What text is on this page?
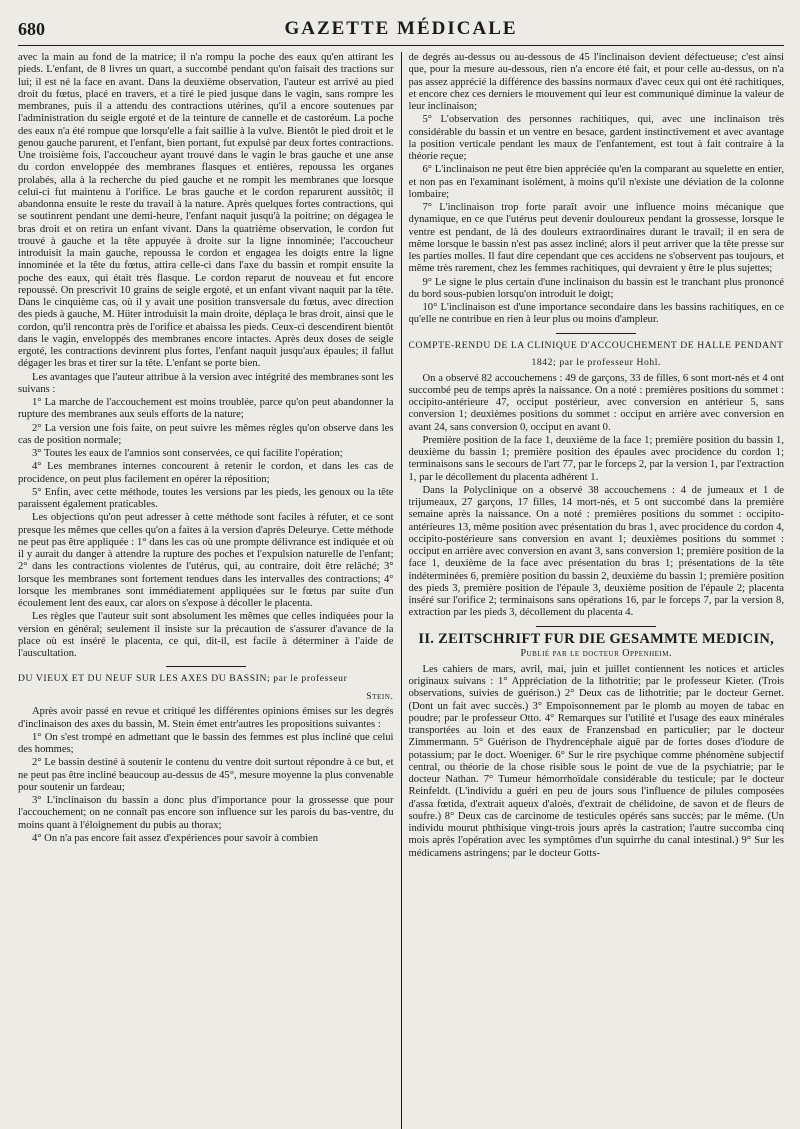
680	GAZETTE MÉDICALE

avec la main au fond de la matrice; il n'a rompu la poche des eaux qu'en attirant les pieds. L'enfant, de 8 livres un quart, a succombé pendant qu'on faisait des tractions sur lui; il est né la face en avant. Dans la deuxième observation, l'auteur est arrivé au pied droit du fœtus, placé en travers, et a tiré le pied jusque dans le vagin, sans rompre les membranes, puis il a attendu des contractions utérines, qu'il a encore soutenues par l'administration du seigle ergoté et de la teinture de cannelle et de castoréum. La poche des eaux n'a été rompue que lorsqu'elle a fait saillie à la vulve. Bientôt le pied droit et le genou gauche parurent, et l'enfant, bien portant, fut expulsé par deux fortes contractions. Une troisième fois, l'accoucheur ayant trouvé dans le vagin le bras gauche et une anse du cordon enveloppée des membranes flasques et entières, repoussa les organes prolabés, alla à la recherche du pied gauche et ne rompit les membranes que lorsque celui-ci fut maintenu à l'orifice. Le bras gauche et le cordon reparurent aussitôt; il abandonna ensuite le reste du travail à la nature. Après quelques fortes contractions, qui se soutinrent pendant une demi-heure, l'enfant naquit jusqu'à la poitrine; on dégagea le bras droit et on retira un enfant vivant. Dans la quatrième observation, le cordon fut trouvé à gauche et la tête appuyée à droite sur la ligne innominée; l'accoucheur introduisit la main gauche, repoussa le cordon et engagea les doigts entre la ligne innominée et la tête du fœtus, attira celle-ci dans l'axe du bassin et rompit ensuite la poche des eaux, qui était très flasque. Le cordon reparut de nouveau et fut encore repoussé. On prescrivit 10 grains de seigle ergoté, et un enfant vivant naquit par la tête. Dans le cinquième cas, où il y avait une position transversale du fœtus, avec direction des pieds à gauche, M. Hüter introduisit la main droite, déplaça le bras droit, ainsi que le cordon, qu'il rencontra près de l'orifice et abaissa les pieds. Ceux-ci descendirent bientôt dans le vagin, enveloppés des membranes encore intactes. Après deux doses de seigle ergoté, les contractions devinrent plus fortes, l'enfant naquit jusqu'aux épaules; il fallut dégager les bras et tirer sur la tête. L'enfant se porte bien.

Les avantages que l'auteur attribue à la version avec intégrité des membranes sont les suivans :

1° La marche de l'accouchement est moins troublée, parce qu'on peut abandonner la rupture des membranes aux seuls efforts de la nature;

2° La version une fois faite, on peut suivre les mêmes règles qu'on observe dans les cas de position normale;

3° Toutes les eaux de l'amnios sont conservées, ce qui facilite l'opération;

4° Les membranes internes concourent à retenir le cordon, et dans les cas de procidence, on peut plus facilement en opérer la réposition;

5° Enfin, avec cette méthode, toutes les versions par les pieds, les genoux ou la tête paraissent également praticables.

Les objections qu'on peut adresser à cette méthode sont faciles à réfuter, et ce sont presque les mêmes que celles qu'on a faites à la version d'après Deleurye. Cette méthode ne peut pas être appliquée : 1° dans les cas où une prompte délivrance est indiquée et où il y aurait du danger à attendre la rupture des poches et l'expulsion naturelle de l'enfant; 2° dans les contractions violentes de l'utérus, qui, au contraire, doit être relâché; 3° lorsque les membranes sont fortement tendues dans les intervalles des contractions; 4° lorsque les membranes sont immédiatement appliquées sur le fœtus par suite d'un écoulement lent des eaux, car alors on s'expose à décoller le placenta.

Les règles que l'auteur suit sont absolument les mêmes que celles indiquées pour la version en général; seulement il insiste sur la précaution de s'assurer d'avance de la place où est inséré le placenta, ce qui, dit-il, est facile à déterminer à l'aide de l'auscultation.

DU VIEUX ET DU NEUF SUR LES AXES DU BASSIN; par le professeur
Stein.

Après avoir passé en revue et critiqué les différentes opinions émises sur les degrés d'inclinaison des axes du bassin, M. Stein émet entr'autres les propositions suivantes :

1° On s'est trompé en admettant que le bassin des femmes est plus incliné que celui des hommes;

2° Le bassin destiné à soutenir le contenu du ventre doit surtout répondre à ce but, et ne peut pas être incliné beaucoup au-dessus de 45°, mesure moyenne la plus convenable pour soutenir un fardeau;

3° L'inclinaison du bassin a donc plus d'importance pour la grossesse que pour l'accouchement; on ne connaît pas encore son influence sur les parois du bas-ventre, du moins quant à l'éloignement du pubis au thorax;

4° On n'a pas encore fait assez d'expériences pour savoir à combien

de degrés au-dessus ou au-dessous de 45 l'inclinaison devient défectueuse; c'est ainsi que, pour la mesure au-dessous, rien n'a encore été fait, et pour celle au-dessus, on n'a pas assez apprécié la différence des bassins normaux d'avec ceux qui ont été rachitiques, et encore chez ces derniers le mouvement qui leur est communiqué diminue la valeur de leur inclinaison;

5° L'observation des personnes rachitiques, qui, avec une inclinaison très considérable du bassin et un ventre en besace, gardent instinctivement et avec avantage la position verticale pendant les maux de l'enfantement, est tout à fait contraire à la théorie reçue;

6° L'inclinaison ne peut être bien appréciée qu'en la comparant au squelette en entier, et non pas en l'examinant isolément, à moins qu'il n'existe une déviation de la colonne lombaire;

7° L'inclinaison trop forte paraît avoir une influence moins mécanique que dynamique, en ce que l'utérus peut devenir douloureux pendant la grossesse, lorsque le ventre est pendant, de là des douleurs extraordinaires durant le travail; il en sera de même lorsque le bassin n'est pas assez incliné; alors il peut arriver que la tête presse sur les parties molles. Il faut dire cependant que ces accidens ne s'observent pas toujours, et même très rarement, chez les femmes rachitiques, qui devraient y être le plus sujettes;

9° Le signe le plus certain d'une inclinaison du bassin est le tranchant plus prononcé du bord sous-pubien lorsqu'on introduit le doigt;

10° L'inclinaison est d'une importance secondaire dans les bassins rachitiques, en ce qu'elle ne contribue en rien à leur plus ou moins d'ampleur.

COMPTE-RENDU DE LA CLINIQUE D'ACCOUCHEMENT DE HALLE PENDANT
1842; par le professeur Hohl.

On a observé 82 accouchemens : 49 de garçons, 33 de filles, 6 sont mort-nés et 4 ont succombé peu de temps après la naissance. On a noté : premières positions du sommet : occipito-antérieure 47, occiput postérieur, avec conversion en antérieur 5, sans conversion 1; deuxièmes positions du sommet : occiput en arrière avec conversion en avant 24, sans conversion 0, occiput en avant 0.

Première position de la face 1, deuxième de la face 1; première position du bassin 1, deuxième du bassin 1; première position des épaules avec procidence du cordon 1; terminaisons sans le secours de l'art 77, par le forceps 2, par la version 1, par l'extraction 1, par le décollement du placenta adhérent 1.

Dans la Polyclinique on a observé 38 accouchemens : 4 de jumeaux et 1 de trijumeaux, 27 garçons, 17 filles, 14 mort-nés, et 5 ont succombé dans la première semaine après la naissance. On a noté : premières positions du sommet : occipito-antérieures 13, même position avec présentation du bras 1, avec procidence du cordon 4, occipito-postérieure sans conversion en avant 1; deuxièmes positions du sommet : occiput en arrière avec conversion en avant 3, sans conversion 1; première position de la face 1, deuxième de la face avec présentation du bras 1; présentations de la tête indéterminées 6, première position du bassin 2, deuxième du bassin 1; première position des pieds 3, première position de l'épaule 3, deuxième position de l'épaule 2; placenta inséré sur l'orifice 2; terminaisons sans opérations 16, par le forceps 7, par la version 8, extraction par les pieds 3, décollement du placenta 4.

II. ZEITSCHRIFT FUR DIE GESAMMTE MEDICIN,
Publié par le docteur Oppenheim.

Les cahiers de mars, avril, mai, juin et juillet contiennent les notices et articles originaux suivans : 1° Appréciation de la lithotritie; par le professeur Kieter. (Trois observations, suivies de guérison.) 2° Deux cas de lithotritie; par le docteur Gernet. (Dont un fait avec succès.) 3° Empoisonnement par le plomb au moyen de tabac en poudre; par le professeur Otto. 4° Remarques sur l'utilité et l'usage des eaux minérales transportées au loin et des eaux de Franzensbad en particulier; par le docteur Zimmermann. 5° Guérison de l'hydrencéphale aiguë par de fortes doses d'iodure de potassium; par le doct. Woeniger. 6° Sur le rire psychique comme phénomène subjectif central, ou théorie de la chose risible sous le point de vue de la psychiatrie; par le docteur Nathan. 7° Tumeur hémorrhoïdale considérable du testicule; par le docteur Reinfeldt. (L'individu a guéri en peu de jours sous l'influence de pilules composées d'assa fœtida, d'extrait aqueux d'aloès, d'extrait de chélidoine, de savon et de fleurs de soufre.) 8° Deux cas de carcinome de testicules opérés sans succès; par le même. (Un individu mourut phthisique vingt-trois jours après la castration; l'autre succomba cinq mois après l'opération avec les symptômes d'un squirrhe du canal intestinal.) 9° Sur les médicamens astringens; par le docteur Gotts-
